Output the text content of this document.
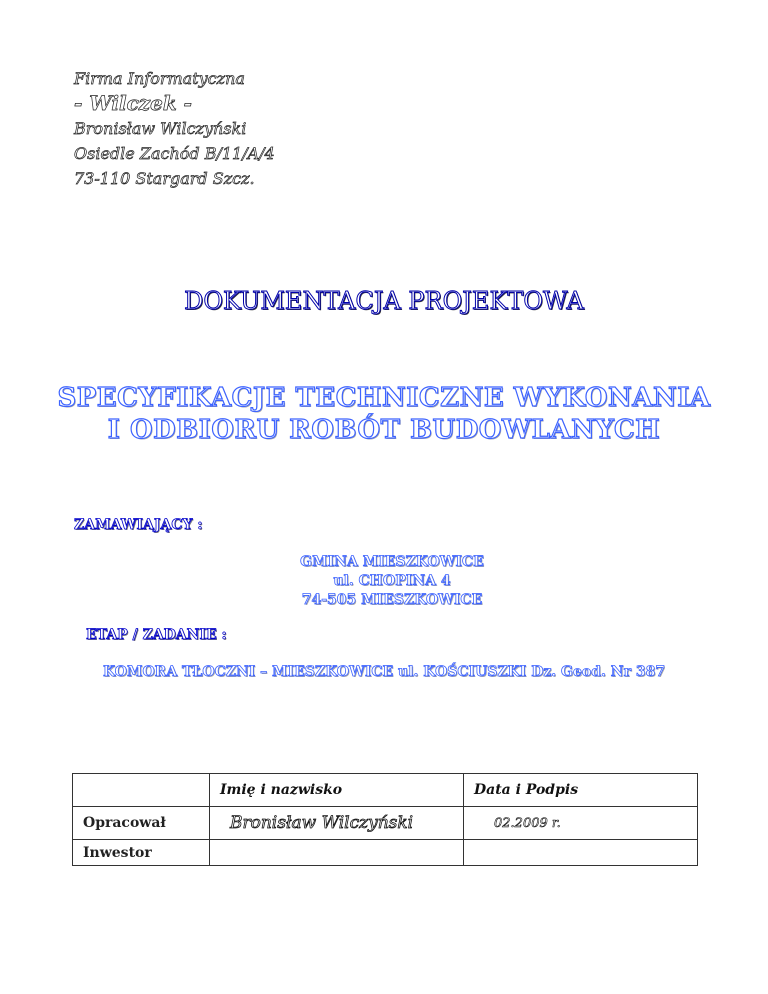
Firma Informatyczna
- Wilczek -
Bronisław Wilczyński
Osiedle Zachód B/11/A/4
73-110 Stargard Szcz.
DOKUMENTACJA PROJEKTOWA
SPECYFIKACJE TECHNICZNE WYKONANIA
I ODBIORU ROBÓT BUDOWLANYCH
ZAMAWIAJĄCY :
GMINA MIESZKOWICE
ul. CHOPINA 4
74-505 MIESZKOWICE
ETAP / ZADANIE :
KOMORA TŁOCZNI – MIESZKOWICE ul. KOŚCIUSZKI Dz. Geod. Nr 387
	Imię i nazwisko	Data i Podpis
Opracował	Bronisław Wilczyński	02.2009 r.
Inwestor		
